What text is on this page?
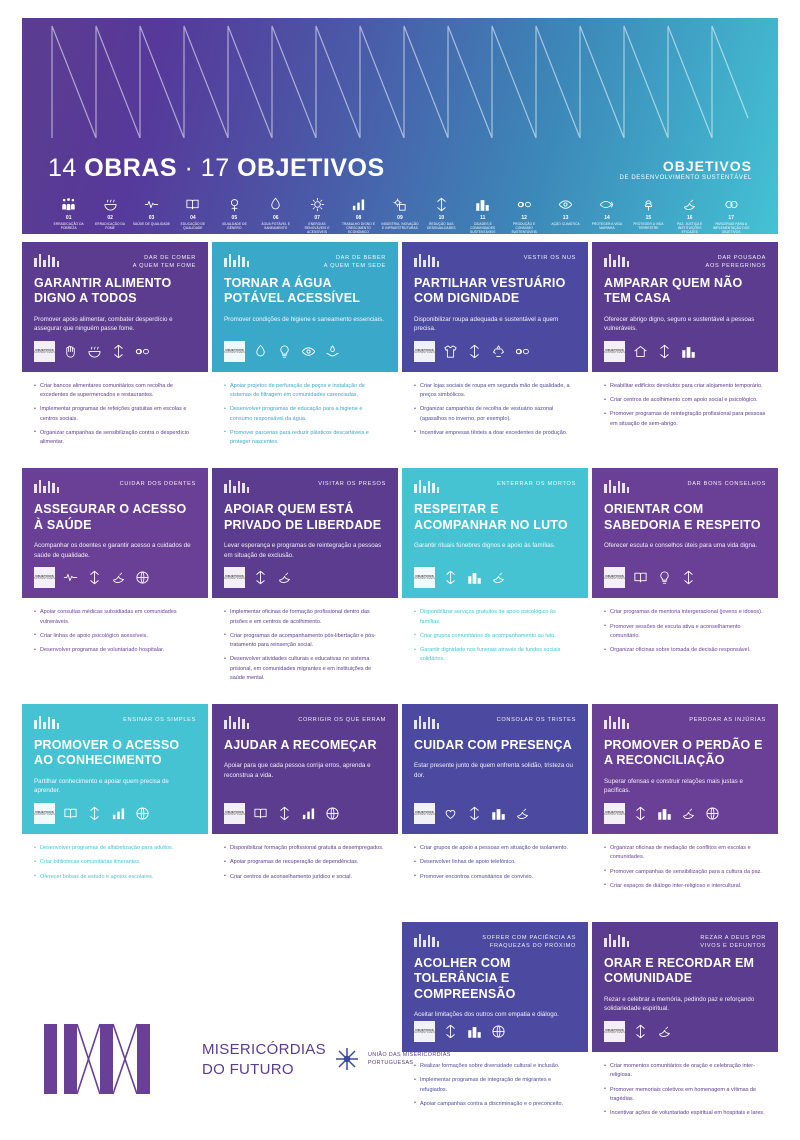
14 OBRAS · 17 OBJETIVOS	OBJETIVOS
DE DESENVOLVIMENTO SUSTENTÁVEL
01
ERRADICAÇÃO DA POBREZA
02
ERRADICAÇÃO DA FOME
03
SAÚDE DE QUALIDADE
04
EDUCAÇÃO DE QUALIDADE
05
IGUALDADE DE GÉNERO
06
ÁGUA POTÁVEL E SANEAMENTO
07
ENERGIAS RENOVÁVEIS E ACESSÍVEIS
08
TRABALHO DIGNO E CRESCIMENTO ECONÓMICO
09
INDÚSTRIA, INOVAÇÃO E INFRAESTRUTURAS
10
REDUÇÃO DAS DESIGUALDADES
11
CIDADES E COMUNIDADES SUSTENTÁVEIS
12
PRODUÇÃO E CONSUMO SUSTENTÁVEIS
13
AÇÃO CLIMÁTICA
14
PROTEGER A VIDA MARINHA
15
PROTEGER A VIDA TERRESTRE
16
PAZ, JUSTIÇA E INSTITUIÇÕES EFICAZES
17
PARCERIAS PARA A IMPLEMENTAÇÃO DOS OBJETIVOS
DAR DE COMER
A QUEM TEM FOME
GARANTIR ALIMENTO DIGNO A TODOS
Promover apoio alimentar, combater desperdício e assegurar que ninguém passe fome.
OBJETIVOS
SUSTENTÁVEIS
• Criar bancos alimentares comunitários com recolha de excedentes de supermercados e restaurantes.
• Implementar programas de refeições gratuitas em escolas e centros sociais.
• Organizar campanhas de sensibilização contra o desperdício alimentar.
DAR DE BEBER
A QUEM TEM SEDE
TORNAR A ÁGUA POTÁVEL ACESSÍVEL
Promover condições de higiene e saneamento essenciais.
OBJETIVOS
SUSTENTÁVEIS
• Apoiar projetos de perfuração de poços e instalação de sistemas de filtragem em comunidades carenciadas.
• Desenvolver programas de educação para a higiene e consumo responsável da água.
• Promover parcerias para reduzir plásticos descartáveis e proteger nascentes.
VESTIR OS NUS
PARTILHAR VESTUÁRIO COM DIGNIDADE
Disponibilizar roupa adequada e sustentável a quem precisa.
OBJETIVOS
SUSTENTÁVEIS
• Criar lojas sociais de roupa em segunda mão de qualidade, a preços simbólicos.
• Organizar campanhas de recolha de vestuário sazonal (agasalhos no inverno, por exemplo).
• Incentivar empresas têxteis a doar excedentes de produção.
DAR POUSADA
AOS PEREGRINOS
AMPARAR QUEM NÃO TEM CASA
Oferecer abrigo digno, seguro e sustentável a pessoas vulneráveis.
OBJETIVOS
SUSTENTÁVEIS
• Reabilitar edifícios devolutos para criar alojamento temporário.
• Criar centros de acolhimento com apoio social e psicológico.
• Promover programas de reintegração profissional para pessoas em situação de sem-abrigo.
CUIDAR DOS DOENTES
ASSEGURAR O ACESSO À SAÚDE
Acompanhar os doentes e garantir acesso a cuidados de saúde de qualidade.
OBJETIVOS
SUSTENTÁVEIS
• Apoiar consultas médicas subsidiadas em comunidades vulneráveis.
• Criar linhas de apoio psicológico acessíveis.
• Desenvolver programas de voluntariado hospitalar.
VISITAR OS PRESOS
APOIAR QUEM ESTÁ PRIVADO DE LIBERDADE
Levar esperança e programas de reintegração a pessoas em situação de exclusão.
OBJETIVOS
SUSTENTÁVEIS
• Implementar oficinas de formação profissional dentro das prisões e em centros de acolhimento.
• Criar programas de acompanhamento pós-libertação e pós-tratamento para reinserção social.
• Desenvolver atividades culturais e educativas no sistema prisional, em comunidades migrantes e em instituições de saúde mental.
ENTERRAR OS MORTOS
RESPEITAR E ACOMPANHAR NO LUTO
Garantir rituais fúnebres dignos e apoio às famílias.
OBJETIVOS
SUSTENTÁVEIS
• Disponibilizar serviços gratuitos de apoio psicológico às famílias.
• Criar grupos comunitários de acompanhamento ao luto.
• Garantir dignidade nos funerais através de fundos sociais solidários.
DAR BONS CONSELHOS
ORIENTAR COM SABEDORIA E RESPEITO
Oferecer escuta e conselhos úteis para uma vida digna.
OBJETIVOS
SUSTENTÁVEIS
• Criar programas de mentoria intergeracional (jovens e idosos).
• Promover sessões de escuta ativa e aconselhamento comunitário.
• Organizar oficinas sobre tomada de decisão responsável.
ENSINAR OS SIMPLES
PROMOVER O ACESSO AO CONHECIMENTO
Partilhar conhecimento e apoiar quem precisa de aprender.
OBJETIVOS
SUSTENTÁVEIS
• Desenvolver programas de alfabetização para adultos.
• Criar bibliotecas comunitárias itinerantes.
• Oferecer bolsas de estudo e apoios escolares.
CORRIGIR OS QUE ERRAM
AJUDAR A RECOMEÇAR
Apoiar para que cada pessoa corrija erros, aprenda e reconstrua a vida.
OBJETIVOS
SUSTENTÁVEIS
• Disponibilizar formação profissional gratuita a desempregados.
• Apoiar programas de recuperação de dependências.
• Criar centros de aconselhamento jurídico e social.
CONSOLAR OS TRISTES
CUIDAR COM PRESENÇA
Estar presente junto de quem enfrenta solidão, tristeza ou dor.
OBJETIVOS
SUSTENTÁVEIS
• Criar grupos de apoio a pessoas em situação de isolamento.
• Desenvolver linhas de apoio telefónico.
• Promover encontros comunitários de convívio.
PERDOAR AS INJÚRIAS
PROMOVER O PERDÃO E A RECONCILIAÇÃO
Superar ofensas e construir relações mais justas e pacíficas.
OBJETIVOS
SUSTENTÁVEIS
• Organizar oficinas de mediação de conflitos em escolas e comunidades.
• Promover campanhas de sensibilização para a cultura da paz.
• Criar espaços de diálogo inter-religioso e intercultural.
SOFRER COM PACIÊNCIA AS
FRAQUEZAS DO PRÓXIMO
ACOLHER COM TOLERÂNCIA E COMPREENSÃO
Aceitar limitações dos outros com empatia e diálogo.
OBJETIVOS
SUSTENTÁVEIS
• Realizar formações sobre diversidade cultural e inclusão.
• Implementar programas de integração de migrantes e refugiados.
• Apoiar campanhas contra a discriminação e o preconceito.
REZAR A DEUS POR
VIVOS E DEFUNTOS
ORAR E RECORDAR EM COMUNIDADE
Rezar e celebrar a memória, pedindo paz e reforçando solidariedade espiritual.
OBJETIVOS
SUSTENTÁVEIS
• Criar momentos comunitários de oração e celebração inter-religiosa.
• Promover memoriais coletivos em homenagem a vítimas de tragédias.
• Incentivar ações de voluntariado espiritual em hospitais e lares.
MISERICÓRDIAS
DO FUTURO
UNIÃO DAS MISERICÓRDIAS
PORTUGUESAS
